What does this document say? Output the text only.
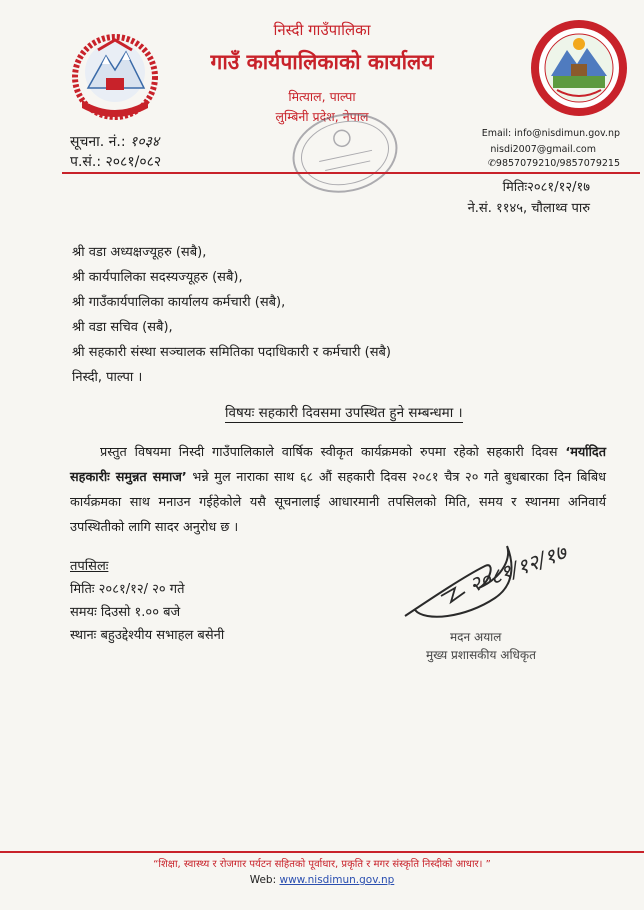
निस्दी गाउँपालिका
गाउँ कार्यपालिकाको कार्यालय
मित्याल, पाल्पा
लुम्बिनी प्रदेश, नेपाल
सूचना. नं.: १०३४
प.सं.: २०८१/०८२
Email: info@nisdimun.gov.np
nisdi2007@gmail.com
✆9857079210/9857079215
मितिः२०८१/१२/१७
ने.सं. ११४५, चौलाथ्व पारु
श्री वडा अध्यक्षज्यूहरु (सबै),
श्री कार्यपालिका सदस्यज्यूहरु (सबै),
श्री गाउँकार्यपालिका कार्यालय कर्मचारी (सबै),
श्री वडा सचिव (सबै),
श्री सहकारी संस्था सञ्चालक समितिका पदाधिकारी र कर्मचारी (सबै)
निस्दी, पाल्पा ।
विषयः सहकारी दिवसमा उपस्थित हुने सम्बन्धमा ।
प्रस्तुत विषयमा निस्दी गाउँपालिकाले वार्षिक स्वीकृत कार्यक्रमको रुपमा रहेको सहकारी दिवस ‘मर्यादित सहकारीः समुन्नत समाज’ भन्ने मुल नाराका साथ ६८ औं सहकारी दिवस २०८१ चैत्र २० गते बुधबारका दिन बिबिध कार्यक्रमका साथ मनाउन गईहेकोले यसै सूचनालाई आधारमानी तपसिलको मिति, समय र स्थानमा अनिवार्य उपस्थितीको लागि सादर अनुरोध छ ।
तपसिलः
मितिः २०८१/१२/ २० गते
समयः दिउसो १.०० बजे
स्थानः बहुउद्देश्यीय सभाहल बसेनी
२०८१/१२/१७
मदन अयाल
मुख्य प्रशासकीय अधिकृत
“शिक्षा, स्वास्थ्य र रोजगार पर्यटन सहितको पूर्वाधार, प्रकृति र मगर संस्कृति निस्दीको आधार। ”
Web: www.nisdimun.gov.np
